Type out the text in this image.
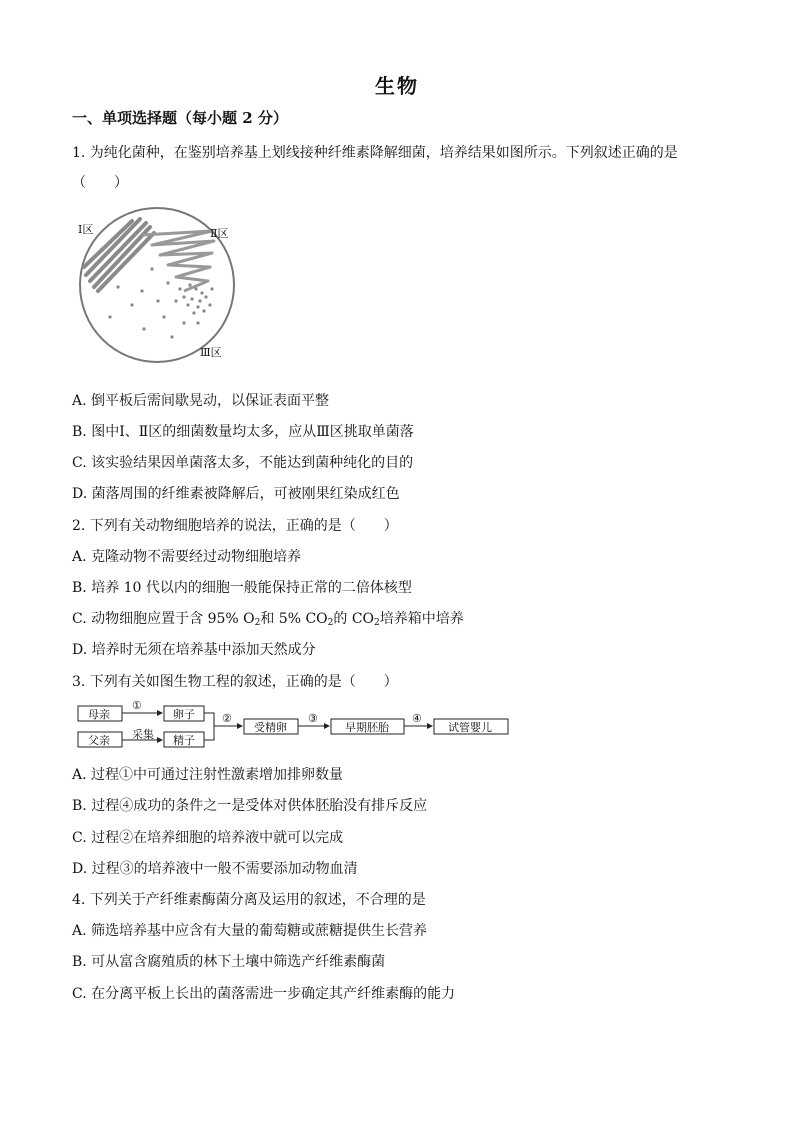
生物
一、单项选择题（每小题 2 分）
1. 为纯化菌种，在鉴别培养基上划线接种纤维素降解细菌，培养结果如图所示。下列叙述正确的是
（　　）
Ⅰ区	Ⅱ区
Ⅲ区
A. 倒平板后需间歇晃动，以保证表面平整
B. 图中Ⅰ、Ⅱ区的细菌数量均太多，应从Ⅲ区挑取单菌落
C. 该实验结果因单菌落太多，不能达到菌种纯化的目的
D. 菌落周围的纤维素被降解后，可被刚果红染成红色
2. 下列有关动物细胞培养的说法，正确的是（　　）
A. 克隆动物不需要经过动物细胞培养
B. 培养 10 代以内的细胞一般能保持正常的二倍体核型
C. 动物细胞应置于含 95% $O_2$和 5% $CO_2$的 $CO_2$培养箱中培养
D. 培养时无须在培养基中添加天然成分
3. 下列有关如图生物工程的叙述，正确的是（　　）
母亲
父亲
卵子
精子
①
采集
②
受精卵
③
早期胚胎
④
试管婴儿
A. 过程①中可通过注射性激素增加排卵数量
B. 过程④成功的条件之一是受体对供体胚胎没有排斥反应
C. 过程②在培养细胞的培养液中就可以完成
D. 过程③的培养液中一般不需要添加动物血清
4. 下列关于产纤维素酶菌分离及运用的叙述，不合理的是
A. 筛选培养基中应含有大量的葡萄糖或蔗糖提供生长营养
B. 可从富含腐殖质的林下土壤中筛选产纤维素酶菌
C. 在分离平板上长出的菌落需进一步确定其产纤维素酶的能力
